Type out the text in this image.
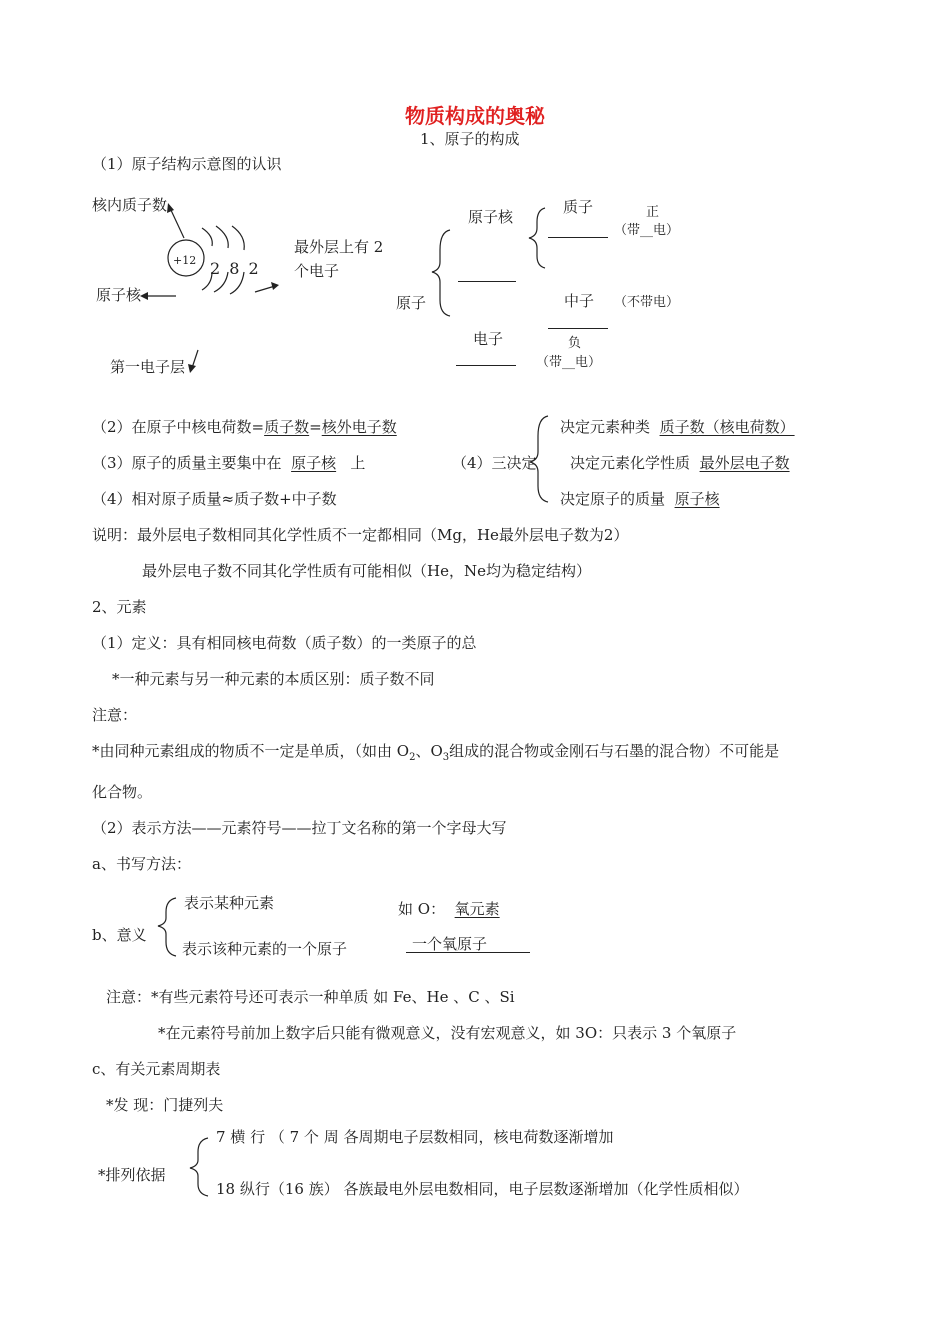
物质构成的奥秘
1、原子的构成
（1）原子结构示意图的认识
核内质子数
+12 2 8 2
最外层上有 2
个电子
原子核
第一电子层
原子
原子核
质子	正
（带__电）
中子 （不带电）
电子	负
（带__电）
（2）在原子中核电荷数=质子数=核外电子数
（3）原子的质量主要集中在 原子核 上
（4）相对原子质量≈质子数+中子数
（4）三决定
决定元素种类 质子数（核电荷数）
决定元素化学性质 最外层电子数
决定原子的质量 原子核
说明：最外层电子数相同其化学性质不一定都相同（Mg，He最外层电子数为2）
最外层电子数不同其化学性质有可能相似（He，Ne均为稳定结构）
2、元素
（1）定义：具有相同核电荷数（质子数）的一类原子的总
*一种元素与另一种元素的本质区别：质子数不同
注意：
*由同种元素组成的物质不一定是单质，（如由 $O_2$、$O_3$组成的混合物或金刚石与石墨的混合物）不可能是
化合物。
（2）表示方法——元素符号——拉丁文名称的第一个字母大写
a、书写方法：
b、意义
表示某种元素
表示该种元素的一个原子
如 O： 氧元素
一个氧原子
注意：*有些元素符号还可表示一种单质 如 Fe、He 、C 、Si
*在元素符号前加上数字后只能有微观意义，没有宏观意义，如 3O：只表示 3 个氧原子
c、有关元素周期表
*发 现：门捷列夫
*排列依据
7 横 行 （ 7 个 周 各周期电子层数相同，核电荷数逐渐增加
18 纵行（16 族） 各族最电外层电数相同，电子层数逐渐增加（化学性质相似）
